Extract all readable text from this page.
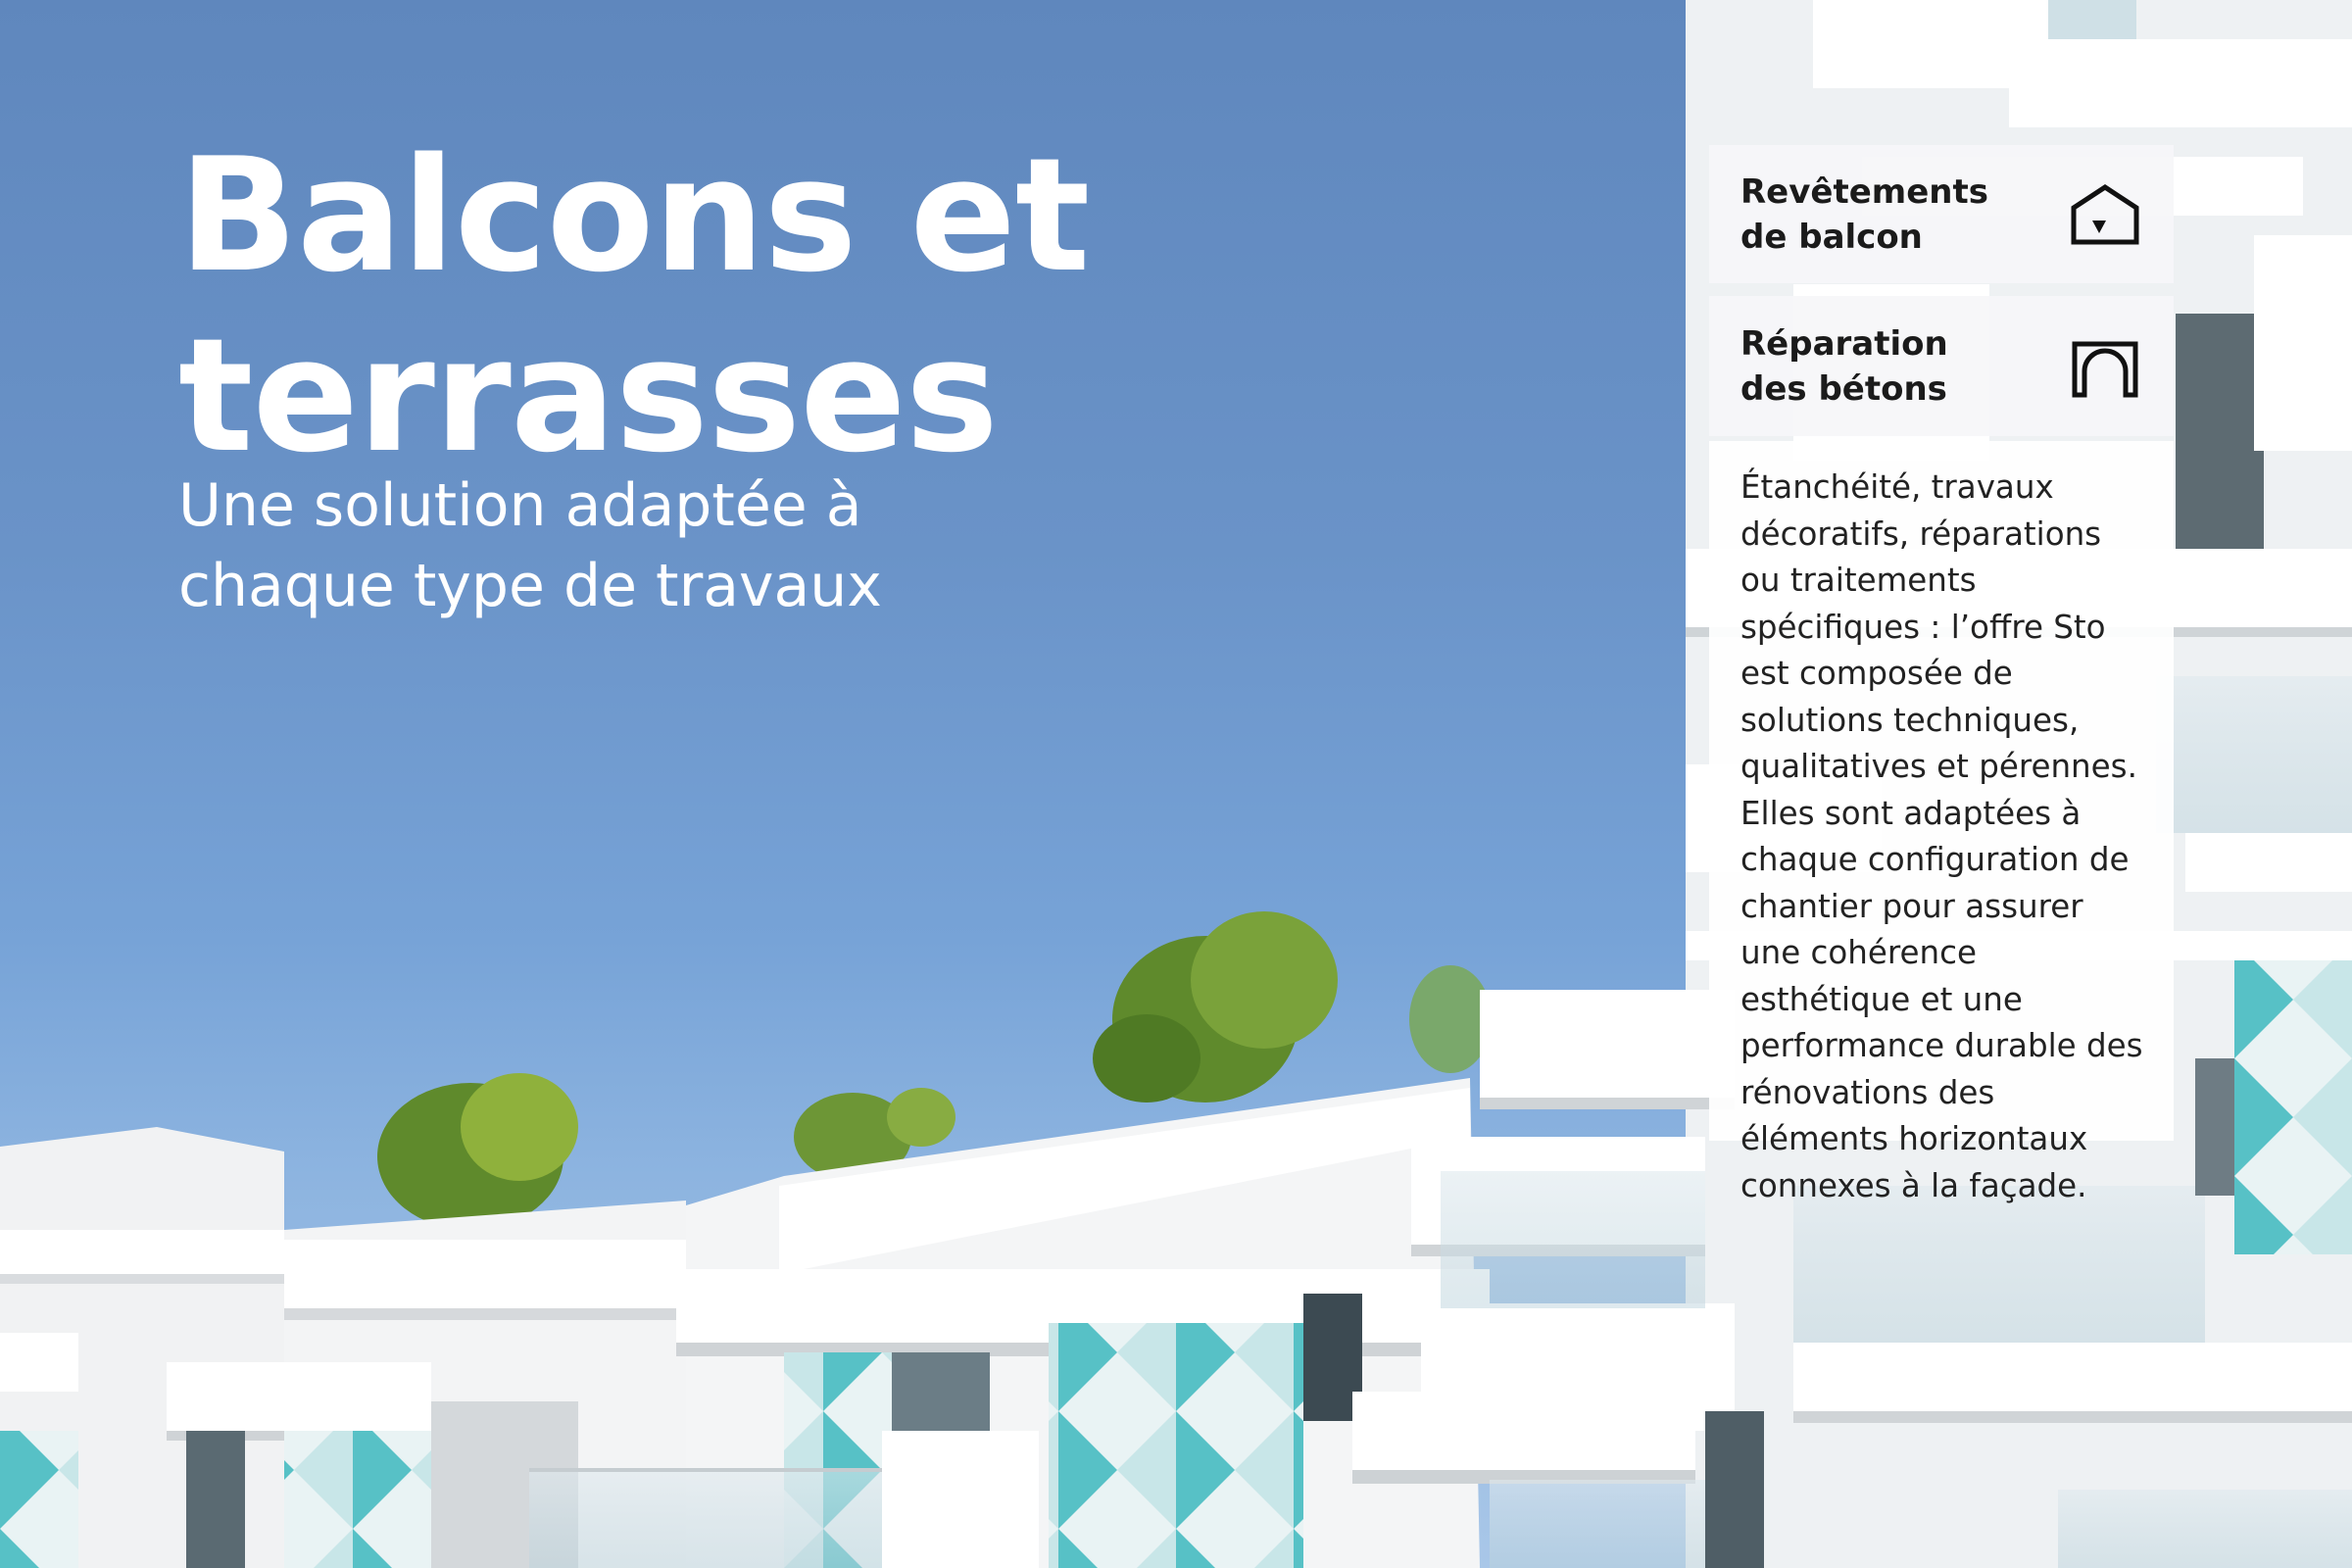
Balcons et
terrasses

Une solution adaptée à
chaque type de travaux

Revêtements
de balcon
Réparation
des bétons

Étanchéité, travaux décoratifs, réparations ou traitements spécifiques : l’offre Sto est composée de solutions techniques, qualitatives et pérennes. Elles sont adaptées à chaque configuration de chantier pour assurer une cohérence esthétique et une performance durable des rénovations des éléments horizontaux connexes à la façade.
